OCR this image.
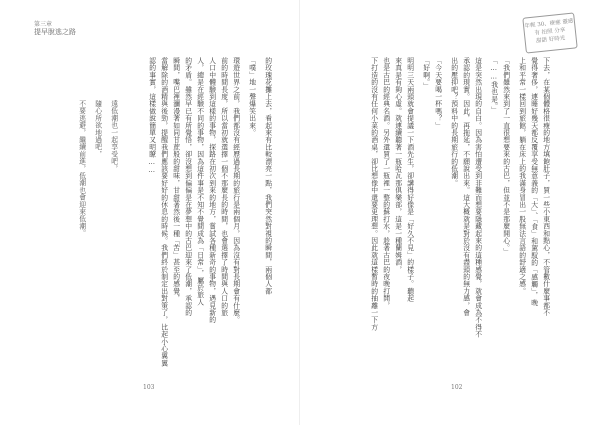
第三章
提早脫逃之路
年輕 30、療癒 靈感
有 拍照 分享
甜甜 好時光
下去，在某個體格很瘦的地方填飽肚子，買一些小東西和點心，不管數什麼事都不
覺得奢侈，連睡好幾天都反覆享受無意義的「大」、「食」和駕馭的「感觸」，晚
上和平常一樣回到旅館，躺在床上的我滿身冒出一股無法言語的舒適之感。
「我們雖然來到了一直很想要來的古巴，但並不是那麼開心。」
「……我也是。」
這是突然出現的自白。因為害怕遭受到非難而想要隱藏起來的這種感覺，就會成為不得不
承認的現實。因此，再拖延，不願說出來。這大概就是對於沒有盡頭的無力感，會
出的壓抑吧？預料中的長期旅行的低潮。
「今天要喝一杯嗎？」
「好啊。」
明明三天兩頭就會提議一下酒先生，卻講得好像是「好久不見」的樣子。聽起
來真是有夠心虛。就連續聽著一瓶哈瓦那俱樂部，這是一種蘭姆酒，
也是古巴的經典名酒。另外還買了一瓶裡一整的蘇打水，趁著古巴的夜晚打開，
下打造的沒有任何小菜的酒桌，卻比想像中還要更理想。因此就這樣暫時的抽離一下方
102
的玫瑰花攤上去，看起來有比較漂亮一點，我們突然對視的瞬間，兩個人都
「噗」地一聲爆笑出來。
環遊世界之前，我們都沒有經歷過長期的旅行是兩個月，因為沒有對長期會有什麼。
前的時間長度，所以當初就選擇一個不那麼長的時間，也會選擇了時間與人口的旅
人口中體驗到這樣的事物，探路在初次到來的地方，嘗試各種新奇的事物，遇見新的
人，總是在經驗不同的事物，因為這件事是不知不覺間成為「日常」，屬於旅人
的矛盾。雖然早已有所覺悟，卻沒想到偏偏是在夢想中的古巴迎來了低潮，承認的
瞬間，嘴巴裡瀰漫著如同甘蔗般的甜味，甘甜著然後一種「苦」甚至的感覺，
當解除的酒精與後勁，提醒我們應該要好好的休息的時候。我們終於制定出對策了，比起小心翼翼
認的事實，這樣做說簡單又明瞭……
遠低潮也一起享受吧，
隨心所欲地過吧，
不要逃避，繼續前進，低潮也會迎來低潮。
103
